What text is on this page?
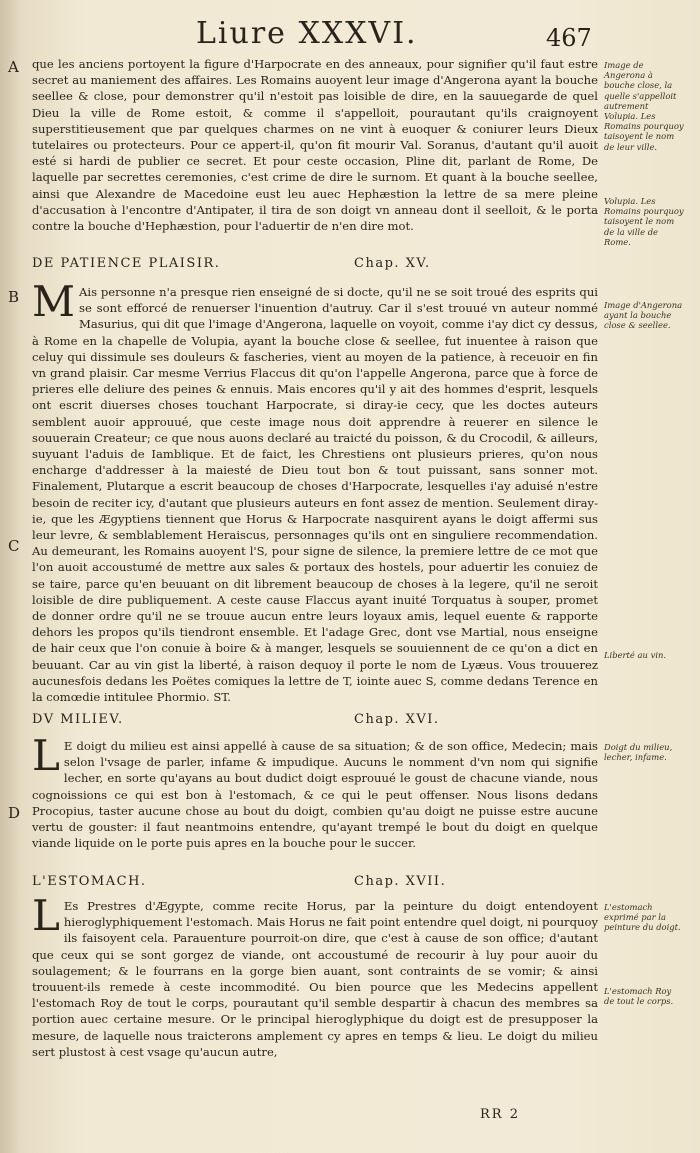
Liure XXXVI.	467
A
B
C
D

que les anciens portoyent la figure d'Harpocrate en des anneaux, pour signifier qu'il faut estre secret au maniement des affaires. Les Romains auoyent leur image d'Angerona ayant la bouche seellee & close, pour demonstrer qu'il n'estoit pas loisible de dire, en la sauuegarde de quel Dieu la ville de Rome estoit, & comme il s'appelloit, pourautant qu'ils craignoyent superstitieusement que par quelques charmes on ne vint à euoquer & coniurer leurs Dieux tutelaires ou protecteurs. Pour ce appert-il, qu'on fit mourir Val. Soranus, d'autant qu'il auoit esté si hardi de publier ce secret. Et pour ceste occasion, Pline dit, parlant de Rome, De laquelle par secrettes ceremonies, c'est crime de dire le surnom. Et quant à la bouche seellee, ainsi que Alexandre de Macedoine eust leu auec Hephæstion la lettre de sa mere pleine d'accusation à l'encontre d'Antipater, il tira de son doigt vn anneau dont il seelloit, & le porta contre la bouche d'Hephæstion, pour l'aduertir de n'en dire mot.

DE PATIENCE PLAISIR.	Chap. XV.

M Ais personne n'a presque rien enseigné de si docte, qu'il ne se soit troué des esprits qui se sont efforcé de renuerser l'inuention d'autruy. Car il s'est trouué vn auteur nommé Masurius, qui dit que l'image d'Angerona, laquelle on voyoit, comme i'ay dict cy dessus, à Rome en la chapelle de Volupia, ayant la bouche close & seellee, fut inuentee à raison que celuy qui dissimule ses douleurs & fascheries, vient au moyen de la patience, à receuoir en fin vn grand plaisir. Car mesme Verrius Flaccus dit qu'on l'appelle Angerona, parce que à force de prieres elle deliure des peines & ennuis. Mais encores qu'il y ait des hommes d'esprit, lesquels ont escrit diuerses choses touchant Harpocrate, si diray-ie cecy, que les doctes auteurs semblent auoir approuué, que ceste image nous doit apprendre à reuerer en silence le souuerain Createur; ce que nous auons declaré au traicté du poisson, & du Crocodil, & ailleurs, suyuant l'aduis de Iamblique. Et de faict, les Chrestiens ont plusieurs prieres, qu'on nous encharge d'addresser à la maiesté de Dieu tout bon & tout puissant, sans sonner mot. Finalement, Plutarque a escrit beaucoup de choses d'Harpocrate, lesquelles i'ay aduisé n'estre besoin de reciter icy, d'autant que plusieurs auteurs en font assez de mention. Seulement diray-ie, que les Ægyptiens tiennent que Horus & Harpocrate nasquirent ayans le doigt affermi sus leur levre, & semblablement Heraiscus, personnages qu'ils ont en singuliere recommendation. Au demeurant, les Romains auoyent l'S, pour signe de silence, la premiere lettre de ce mot que l'on auoit accoustumé de mettre aux sales & portaux des hostels, pour aduertir les conuiez de se taire, parce qu'en beuuant on dit librement beaucoup de choses à la legere, qu'il ne seroit loisible de dire publiquement. A ceste cause Flaccus ayant inuité Torquatus à souper, promet de donner ordre qu'il ne se trouue aucun entre leurs loyaux amis, lequel euente & rapporte dehors les propos qu'ils tiendront ensemble. Et l'adage Grec, dont vse Martial, nous enseigne de hair ceux que l'on conuie à boire & à manger, lesquels se souuiennent de ce qu'on a dict en beuuant. Car au vin gist la liberté, à raison dequoy il porte le nom de Lyæus. Vous trouuerez aucunesfois dedans les Poëtes comiques la lettre de T, iointe auec S, comme dedans Terence en la comœdie intitulee Phormio. ST.

DV MILIEV.	Chap. XVI.

L E doigt du milieu est ainsi appellé à cause de sa situation; & de son office, Medecin; mais selon l'vsage de parler, infame & impudique. Aucuns le nomment d'vn nom qui signifie lecher, en sorte qu'ayans au bout dudict doigt esprouué le goust de chacune viande, nous cognoissions ce qui est bon à l'estomach, & ce qui le peut offenser. Nous lisons dedans Procopius, taster aucune chose au bout du doigt, combien qu'au doigt ne puisse estre aucune vertu de gouster: il faut neantmoins entendre, qu'ayant trempé le bout du doigt en quelque viande liquide on le porte puis apres en la bouche pour le succer.

L'ESTOMACH.	Chap. XVII.

L Es Prestres d'Ægypte, comme recite Horus, par la peinture du doigt entendoyent hieroglyphiquement l'estomach. Mais Horus ne fait point entendre quel doigt, ni pourquoy ils faisoyent cela. Parauenture pourroit-on dire, que c'est à cause de son office; d'autant que ceux qui se sont gorgez de viande, ont accoustumé de recourir à luy pour auoir du soulagement; & le fourrans en la gorge bien auant, sont contraints de se vomir; & ainsi trouuent-ils remede à ceste incommodité. Ou bien pource que les Medecins appellent l'estomach Roy de tout le corps, pourautant qu'il semble despartir à chacun des membres sa portion auec certaine mesure. Or le principal hieroglyphique du doigt est de presupposer la mesure, de laquelle nous traicterons amplement cy apres en temps & lieu. Le doigt du milieu sert plustost à cest vsage qu'aucun autre,

Image de Angerona à bouche close, la quelle s'appelloit autrement Volupia. Les Romains pourquoy taisoyent le nom de leur ville.
Volupia. Les Romains pourquoy taisoyent le nom de la ville de Rome.
Image d'Angerona ayant la bouche close & seellee.
Liberté au vin.
Doigt du milieu, lecher, infame.
L'estomach exprimé par la peinture du doigt.
L'estomach Roy de tout le corps.
RR 2
